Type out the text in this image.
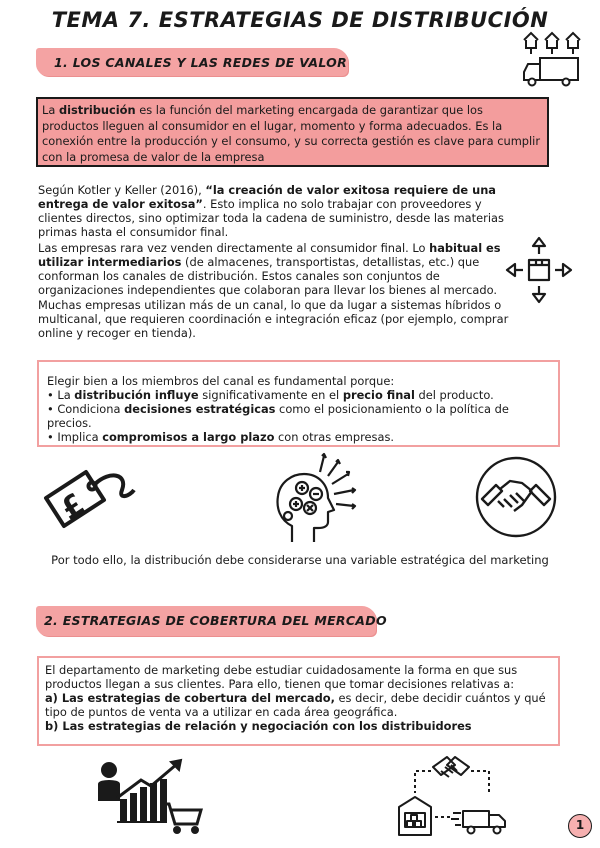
TEMA 7. ESTRATEGIAS DE DISTRIBUCIÓN
1. LOS CANALES Y LAS REDES DE VALOR
La distribución es la función del marketing encargada de garantizar que los productos lleguen al consumidor en el lugar, momento y forma adecuados. Es la conexión entre la producción y el consumo, y su correcta gestión es clave para cumplir con la promesa de valor de la empresa
Según Kotler y Keller (2016), “la creación de valor exitosa requiere de una entrega de valor exitosa”. Esto implica no solo trabajar con proveedores y clientes directos, sino optimizar toda la cadena de suministro, desde las materias primas hasta el consumidor final.
Las empresas rara vez venden directamente al consumidor final. Lo habitual es utilizar intermediarios (de almacenes, transportistas, detallistas, etc.) que conforman los canales de distribución. Estos canales son conjuntos de organizaciones independientes que colaboran para llevar los bienes al mercado.
Muchas empresas utilizan más de un canal, lo que da lugar a sistemas híbridos o multicanal, que requieren coordinación e integración eficaz (por ejemplo, comprar online y recoger en tienda).
Elegir bien a los miembros del canal es fundamental porque:
• La distribución influye significativamente en el precio final del producto.
• Condiciona decisiones estratégicas como el posicionamiento o la política de precios.
• Implica compromisos a largo plazo con otras empresas.
£
Por todo ello, la distribución debe considerarse una variable estratégica del marketing
2. ESTRATEGIAS DE COBERTURA DEL MERCADO
El departamento de marketing debe estudiar cuidadosamente la forma en que sus productos llegan a sus clientes. Para ello, tienen que tomar decisiones relativas a:
a) Las estrategias de cobertura del mercado, es decir, debe decidir cuántos y qué tipo de puntos de venta va a utilizar en cada área geográfica.
b) Las estrategias de relación y negociación con los distribuidores
1
